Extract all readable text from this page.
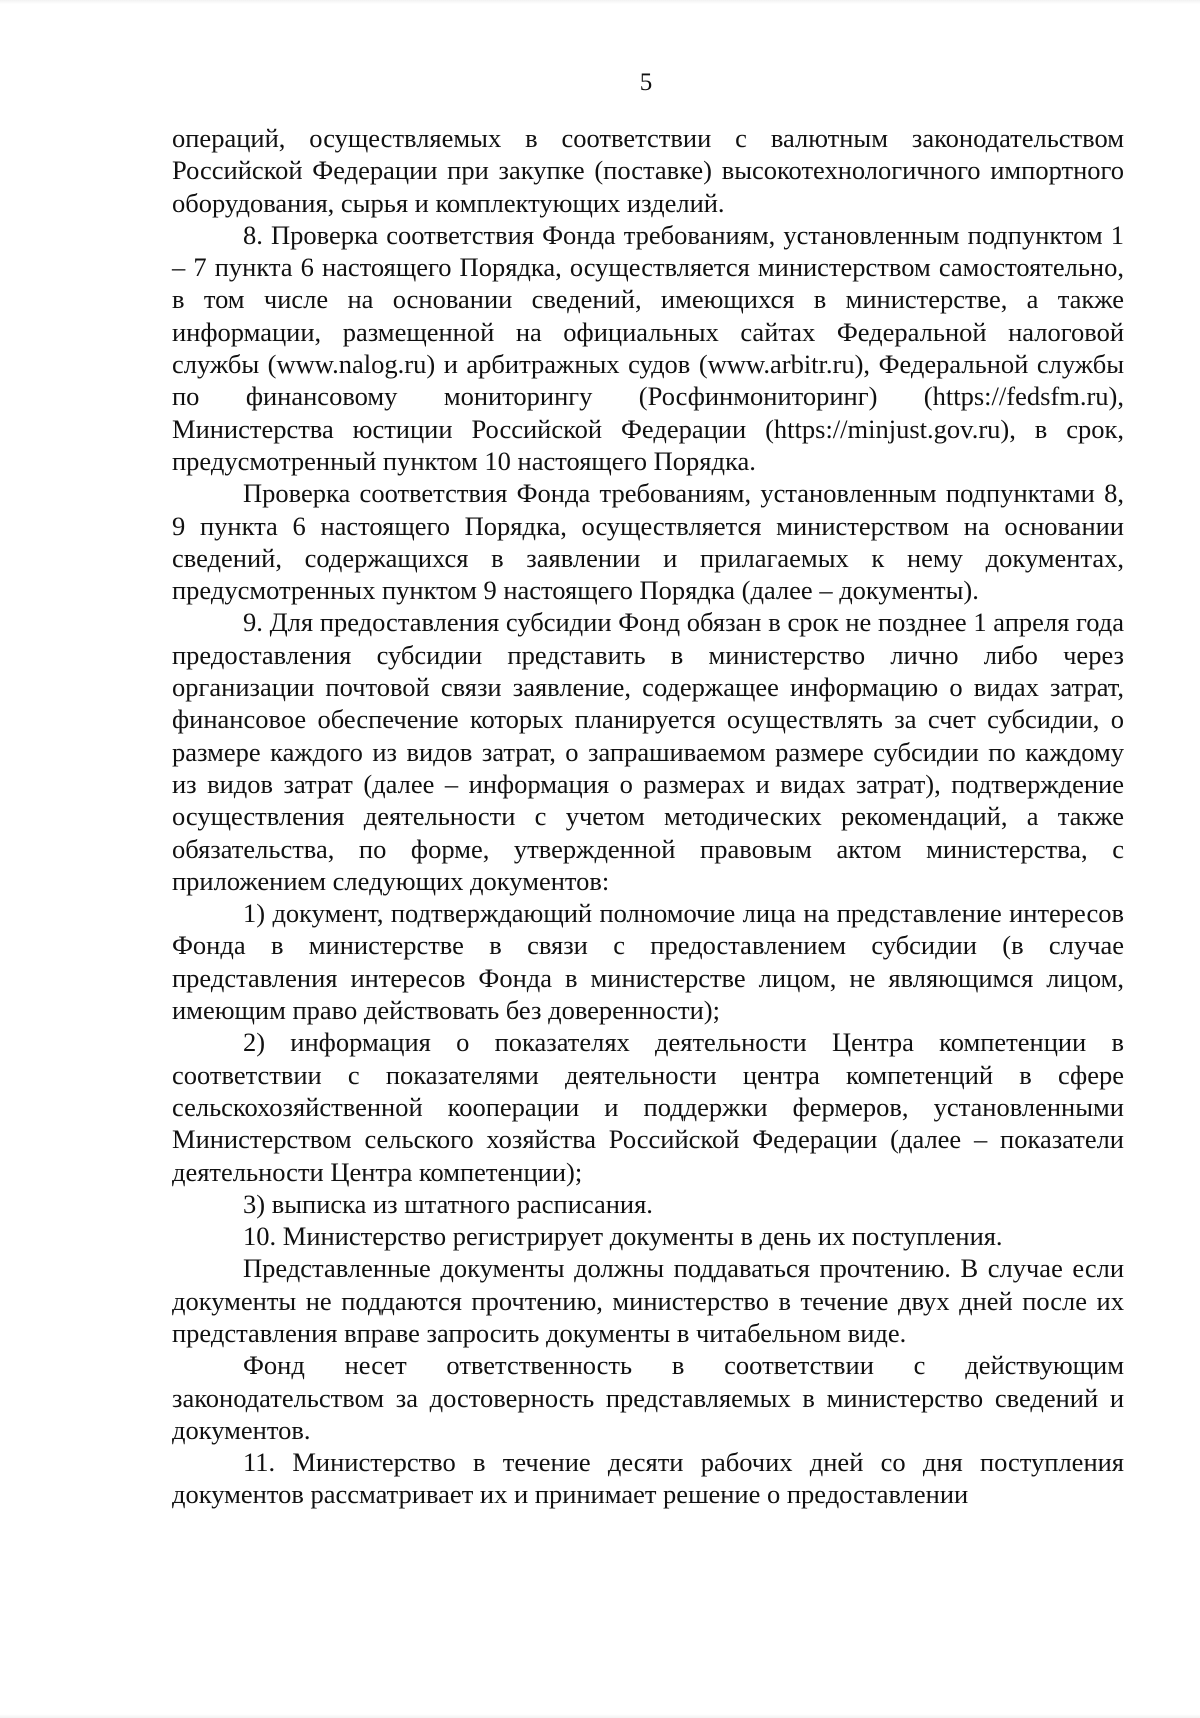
5

операций, осуществляемых в соответствии с валютным законодательством Российской Федерации при закупке (поставке) высокотехнологичного импортного оборудования, сырья и комплектующих изделий.

8. Проверка соответствия Фонда требованиям, установленным подпунктом 1 – 7 пункта 6 настоящего Порядка, осуществляется министерством самостоятельно, в том числе на основании сведений, имеющихся в министерстве, а также информации, размещенной на официальных сайтах Федеральной налоговой службы (www.nalog.ru) и арбитражных судов (www.arbitr.ru), Федеральной службы по финансовому мониторингу (Росфинмониторинг) (https://fedsfm.ru), Министерства юстиции Российской Федерации (https://minjust.gov.ru), в срок, предусмотренный пунктом 10 настоящего Порядка.

Проверка соответствия Фонда требованиям, установленным подпунктами 8, 9 пункта 6 настоящего Порядка, осуществляется министерством на основании сведений, содержащихся в заявлении и прилагаемых к нему документах, предусмотренных пунктом 9 настоящего Порядка (далее – документы).

9. Для предоставления субсидии Фонд обязан в срок не позднее 1 апреля года предоставления субсидии представить в министерство лично либо через организации почтовой связи заявление, содержащее информацию о видах затрат, финансовое обеспечение которых планируется осуществлять за счет субсидии, о размере каждого из видов затрат, о запрашиваемом размере субсидии по каждому из видов затрат (далее – информация о размерах и видах затрат), подтверждение осуществления деятельности с учетом методических рекомендаций, а также обязательства, по форме, утвержденной правовым актом министерства, с приложением следующих документов:

1) документ, подтверждающий полномочие лица на представление интересов Фонда в министерстве в связи с предоставлением субсидии (в случае представления интересов Фонда в министерстве лицом, не являющимся лицом, имеющим право действовать без доверенности);

2) информация о показателях деятельности Центра компетенции в соответствии с показателями деятельности центра компетенций в сфере сельскохозяйственной кооперации и поддержки фермеров, установленными Министерством сельского хозяйства Российской Федерации (далее – показатели деятельности Центра компетенции);

3) выписка из штатного расписания.

10. Министерство регистрирует документы в день их поступления.

Представленные документы должны поддаваться прочтению. В случае если документы не поддаются прочтению, министерство в течение двух дней после их представления вправе запросить документы в читабельном виде.

Фонд несет ответственность в соответствии с действующим законодательством за достоверность представляемых в министерство сведений и документов.

11. Министерство в течение десяти рабочих дней со дня поступления документов рассматривает их и принимает решение о предоставлении
